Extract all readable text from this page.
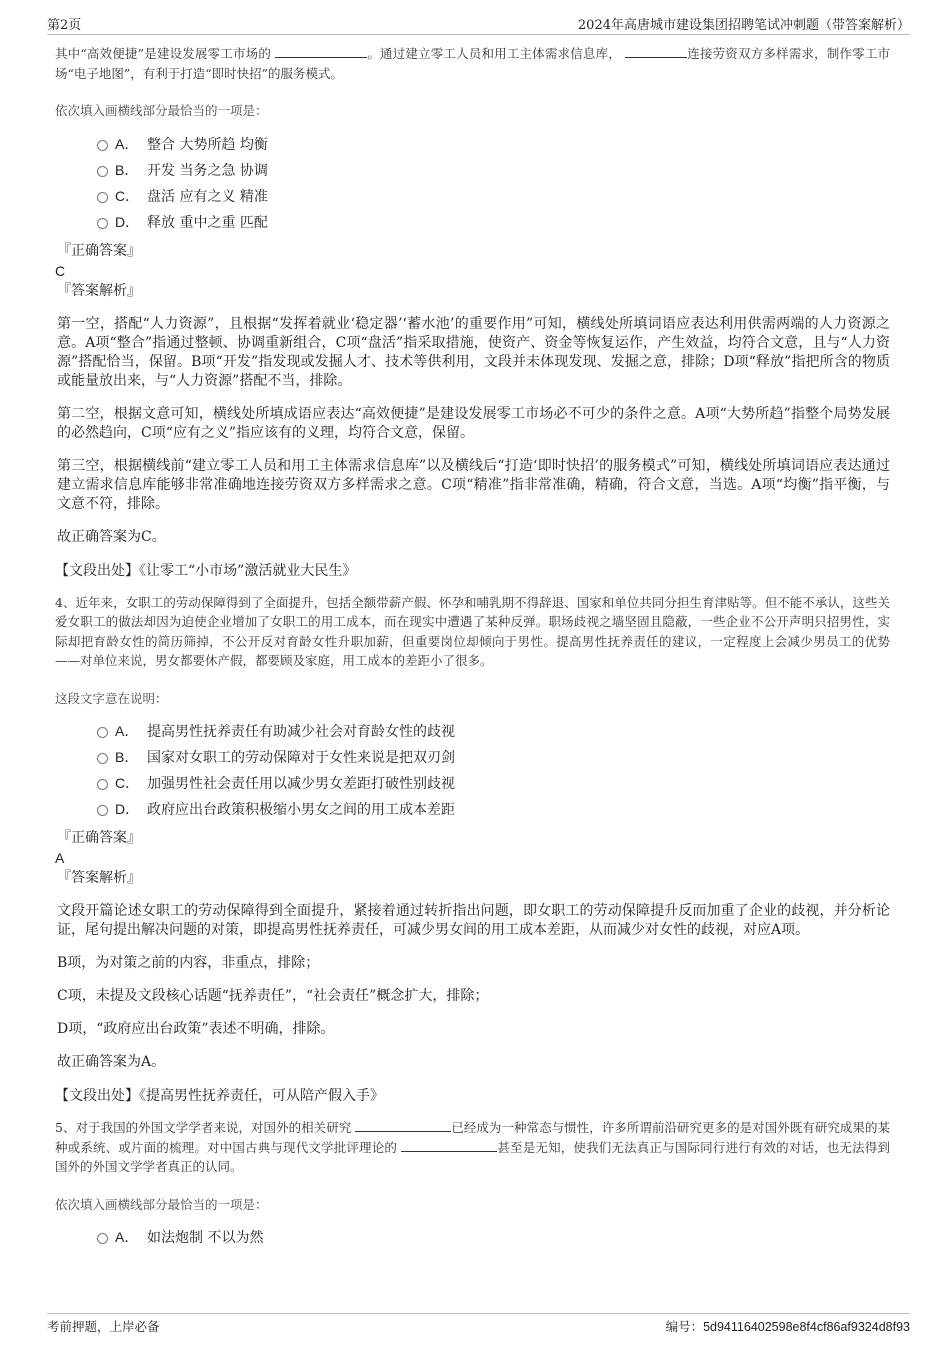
第2页	2024年高唐城市建设集团招聘笔试冲刺题（带答案解析）

其中“高效便捷”是建设发展零工市场的	。通过建立零工人员和用工主体需求信息库，	连接劳资双方多样需求，制作零工市场“电子地图”，有利于打造“即时快招”的服务模式。

依次填入画横线部分最恰当的一项是：

A． 整合 大势所趋 均衡
B． 开发 当务之急 协调
C． 盘活 应有之义 精准
D． 释放 重中之重 匹配

『正确答案』

C

『答案解析』

第一空，搭配“人力资源”，且根据“发挥着就业‘稳定器’‘蓄水池’的重要作用”可知，横线处所填词语应表达利用供需两端的人力资源之意。A项“整合”指通过整顿、协调重新组合，C项“盘活”指采取措施，使资产、资金等恢复运作，产生效益，均符合文意，且与“人力资源”搭配恰当，保留。B项“开发”指发现或发掘人才、技术等供利用，文段并未体现发现、发掘之意，排除；D项“释放”指把所含的物质或能量放出来，与“人力资源”搭配不当，排除。

第二空，根据文意可知，横线处所填成语应表达“高效便捷”是建设发展零工市场必不可少的条件之意。A项“大势所趋”指整个局势发展的必然趋向，C项“应有之义”指应该有的义理，均符合文意，保留。

第三空，根据横线前“建立零工人员和用工主体需求信息库”以及横线后“打造‘即时快招’的服务模式”可知，横线处所填词语应表达通过建立需求信息库能够非常准确地连接劳资双方多样需求之意。C项“精准”指非常准确，精确，符合文意，当选。A项“均衡”指平衡，与文意不符，排除。

故正确答案为C。

【文段出处】《让零工“小市场”激活就业大民生》

4、近年来，女职工的劳动保障得到了全面提升，包括全额带薪产假、怀孕和哺乳期不得辞退、国家和单位共同分担生育津贴等。但不能不承认，这些关爱女职工的做法却因为迫使企业增加了女职工的用工成本，而在现实中遭遇了某种反弹。职场歧视之墙坚固且隐蔽，一些企业不公开声明只招男性，实际却把育龄女性的简历筛掉，不公开反对育龄女性升职加薪，但重要岗位却倾向于男性。提高男性抚养责任的建议，一定程度上会减少男员工的优势——对单位来说，男女都要休产假，都要顾及家庭，用工成本的差距小了很多。

这段文字意在说明：

A． 提高男性抚养责任有助减少社会对育龄女性的歧视
B． 国家对女职工的劳动保障对于女性来说是把双刃剑
C． 加强男性社会责任用以减少男女差距打破性别歧视
D． 政府应出台政策积极缩小男女之间的用工成本差距

『正确答案』

A

『答案解析』

文段开篇论述女职工的劳动保障得到全面提升，紧接着通过转折指出问题，即女职工的劳动保障提升反而加重了企业的歧视，并分析论证，尾句提出解决问题的对策，即提高男性抚养责任，可减少男女间的用工成本差距，从而减少对女性的歧视，对应A项。

B项，为对策之前的内容，非重点，排除；

C项，未提及文段核心话题“抚养责任”，“社会责任”概念扩大，排除；

D项，“政府应出台政策”表述不明确，排除。

故正确答案为A。

【文段出处】《提高男性抚养责任，可从陪产假入手》

5、对于我国的外国文学学者来说，对国外的相关研究	已经成为一种常态与惯性，许多所谓前沿研究更多的是对国外既有研究成果的某种或系统、或片面的梳理。对中国古典与现代文学批评理论的	甚至是无知，使我们无法真正与国际同行进行有效的对话，也无法得到国外的外国文学学者真正的认同。

依次填入画横线部分最恰当的一项是：

A． 如法炮制 不以为然
考前押题，上岸必备	编号：5d94116402598e8f4cf86af9324d8f93
